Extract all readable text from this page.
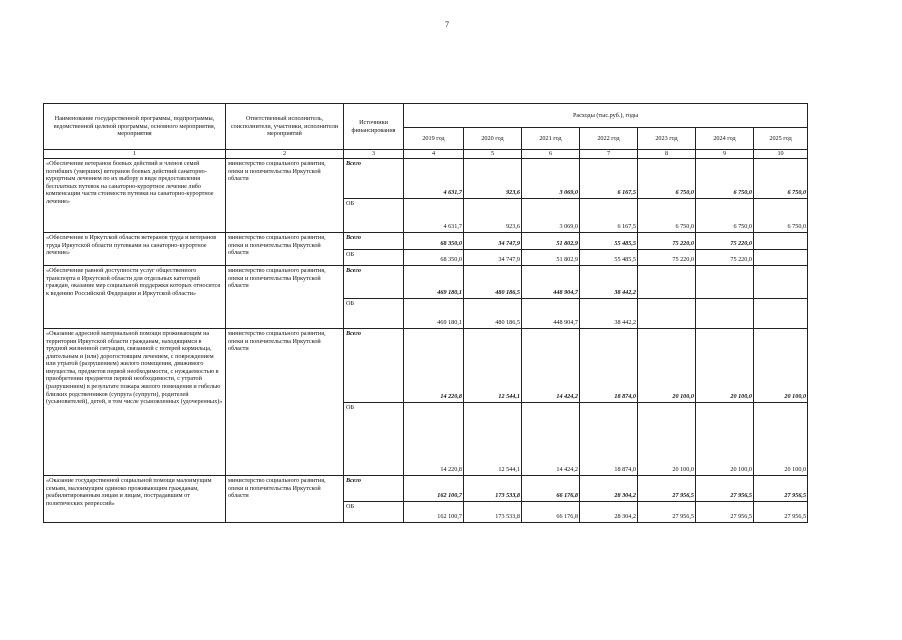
7
Наименование государственной программы, подпрограммы, ведомственной целевой программы, основного мероприятия, мероприятия	Ответственный исполнитель, соисполнители, участники, исполнители мероприятий	Источники финансирования	Расходы (тыс.руб.), годы						
			2019 год	2020 год	2021 год	2022 год	2023 год	2024 год	2025 год
1	2	3	4	5	6	7	8	9	10
«Обеспечение ветеранов боевых действий и членов семей погибших (умерших) ветеранов боевых действий санаторно-курортным лечением по их выбору в виде предоставления бесплатных путевок на санаторно-курортное лечение либо компенсации части стоимости путевки на санаторно-курортное лечение»	министерство социального развития, опеки и попечительства Иркутской области	Всего	4 631,7	923,6	3 069,0	6 167,5	6 750,0	6 750,0	6 750,0
		ОБ	4 631,7	923,6	3 069,0	6 167,5	6 750,0	6 750,0	6 750,0
«Обеспечение в Иркутской области ветеранов труда и ветеранов труда Иркутской области путевками на санаторно-курортное лечение»	министерство социального развития, опеки и попечительства Иркутской области	Всего	68 350,0	34 747,9	51 802,9	55 485,5	75 220,0	75 220,0	
		ОБ	68 350,0	34 747,9	51 802,9	55 485,5	75 220,0	75 220,0	
«Обеспечение равной доступности услуг общественного транспорта в Иркутской области для отдельных категорий граждан, оказание мер социальной поддержки которых относится к ведению Российской Федерации и Иркутской области»	министерство социального развития, опеки и попечительства Иркутской области	Всего	469 180,1	480 186,5	448 904,7	38 442,2			
		ОБ	469 180,1	480 186,5	448 904,7	38 442,2			
«Оказание адресной материальной помощи проживающим на территории Иркутской области гражданам, находящимся в трудной жизненной ситуации, связанной с потерей кормильца, длительным и (или) дорогостоящим лечением, с повреждением или утратой (разрушением) жилого помещения, движимого имущества, предметов первой необходимости, с нуждаемостью в приобретении предметов первой необходимости, с утратой (разрушением) в результате пожара жилого помещения и гибелью близких родственников (супруга (супруги), родителей (усыновителей), детей, в том числе усыновленных (удочеренных)»	министерство социального развития, опеки и попечительства Иркутской области	Всего	14 220,8	12 544,1	14 424,2	18 874,0	20 100,0	20 100,0	20 100,0
		ОБ	14 220,8	12 544,1	14 424,2	18 874,0	20 100,0	20 100,0	20 100,0
«Оказание государственной социальной помощи малоимущим семьям, малоимущим одиноко проживающим гражданам, реабилитированным лицам и лицам, пострадавшим от политических репрессий»	министерство социального развития, опеки и попечительства Иркутской области	Всего	162 100,7	173 533,8	66 176,8	28 304,2	27 956,5	27 956,5	27 956,5
		ОБ	162 100,7	173 533,8	66 176,8	28 304,2	27 956,5	27 956,5	27 956,5
